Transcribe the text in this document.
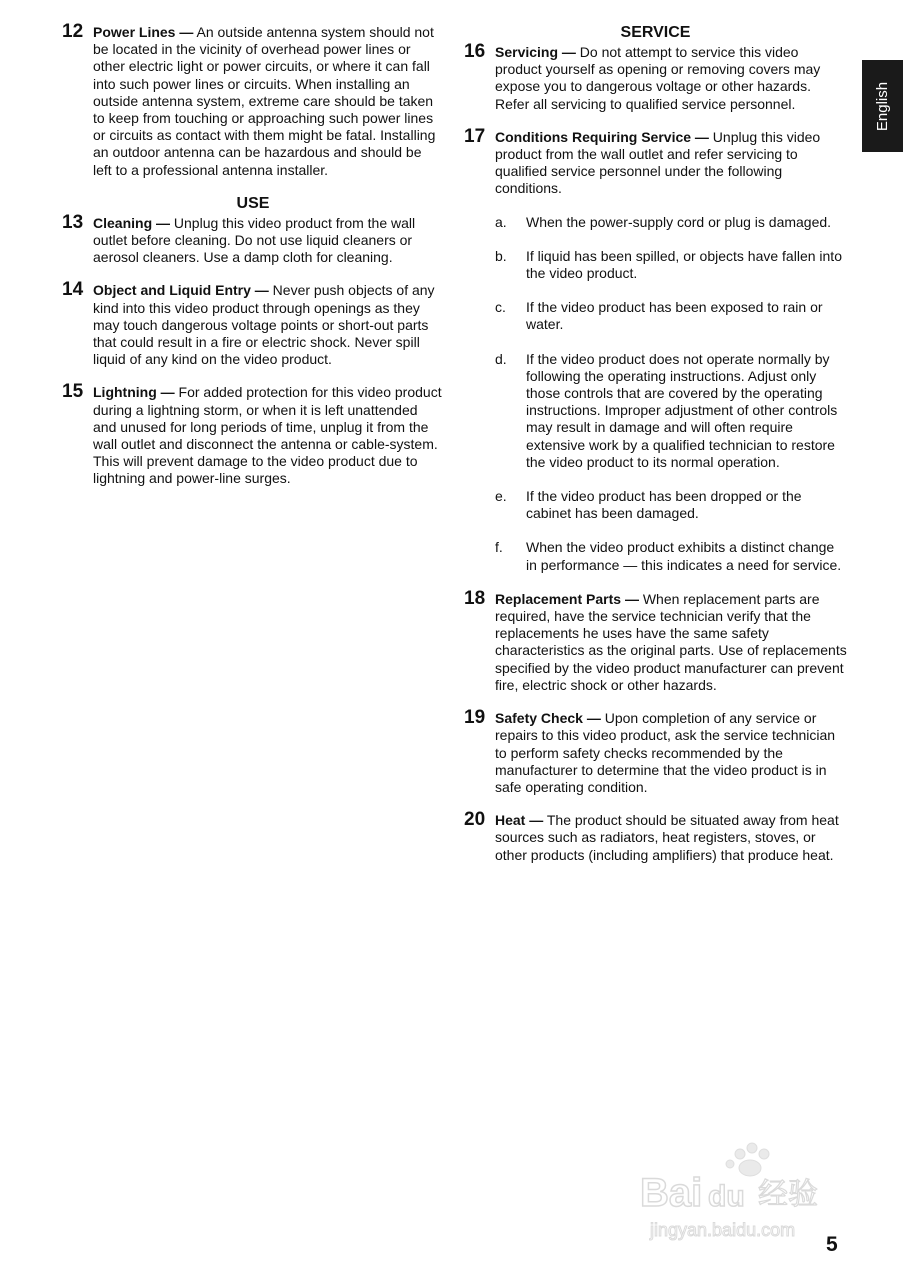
12 Power Lines — An outside antenna system should not be located in the vicinity of overhead power lines or other electric light or power circuits, or where it can fall into such power lines or circuits. When installing an outside antenna system, extreme care should be taken to keep from touching or approaching such power lines or circuits as contact with them might be fatal. Installing an outdoor antenna can be hazardous and should be left to a professional antenna installer.
USE
13 Cleaning — Unplug this video product from the wall outlet before cleaning. Do not use liquid cleaners or aerosol cleaners. Use a damp cloth for cleaning.
14 Object and Liquid Entry — Never push objects of any kind into this video product through openings as they may touch dangerous voltage points or short-out parts that could result in a fire or electric shock. Never spill liquid of any kind on the video product.
15 Lightning — For added protection for this video product during a lightning storm, or when it is left unattended and unused for long periods of time, unplug it from the wall outlet and disconnect the antenna or cable-system. This will prevent damage to the video product due to lightning and power-line surges.
SERVICE
16 Servicing — Do not attempt to service this video product yourself as opening or removing covers may expose you to dangerous voltage or other hazards. Refer all servicing to qualified service personnel.
17 Conditions Requiring Service — Unplug this video product from the wall outlet and refer servicing to qualified service personnel under the following conditions.
a. When the power-supply cord or plug is damaged.
b. If liquid has been spilled, or objects have fallen into the video product.
c. If the video product has been exposed to rain or water.
d. If the video product does not operate normally by following the operating instructions. Adjust only those controls that are covered by the operating instructions. Improper adjustment of other controls may result in damage and will often require extensive work by a qualified technician to restore the video product to its normal operation.
e. If the video product has been dropped or the cabinet has been damaged.
f. When the video product exhibits a distinct change in performance — this indicates a need for service.
18 Replacement Parts — When replacement parts are required, have the service technician verify that the replacements he uses have the same safety characteristics as the original parts. Use of replacements specified by the video product manufacturer can prevent fire, electric shock or other hazards.
19 Safety Check — Upon completion of any service or repairs to this video product, ask the service technician to perform safety checks recommended by the manufacturer to determine that the video product is in safe operating condition.
20 Heat — The product should be situated away from heat sources such as radiators, heat registers, stoves, or other products (including amplifiers) that produce heat.
English
Bai du 经验
jingyan.baidu.com
5
